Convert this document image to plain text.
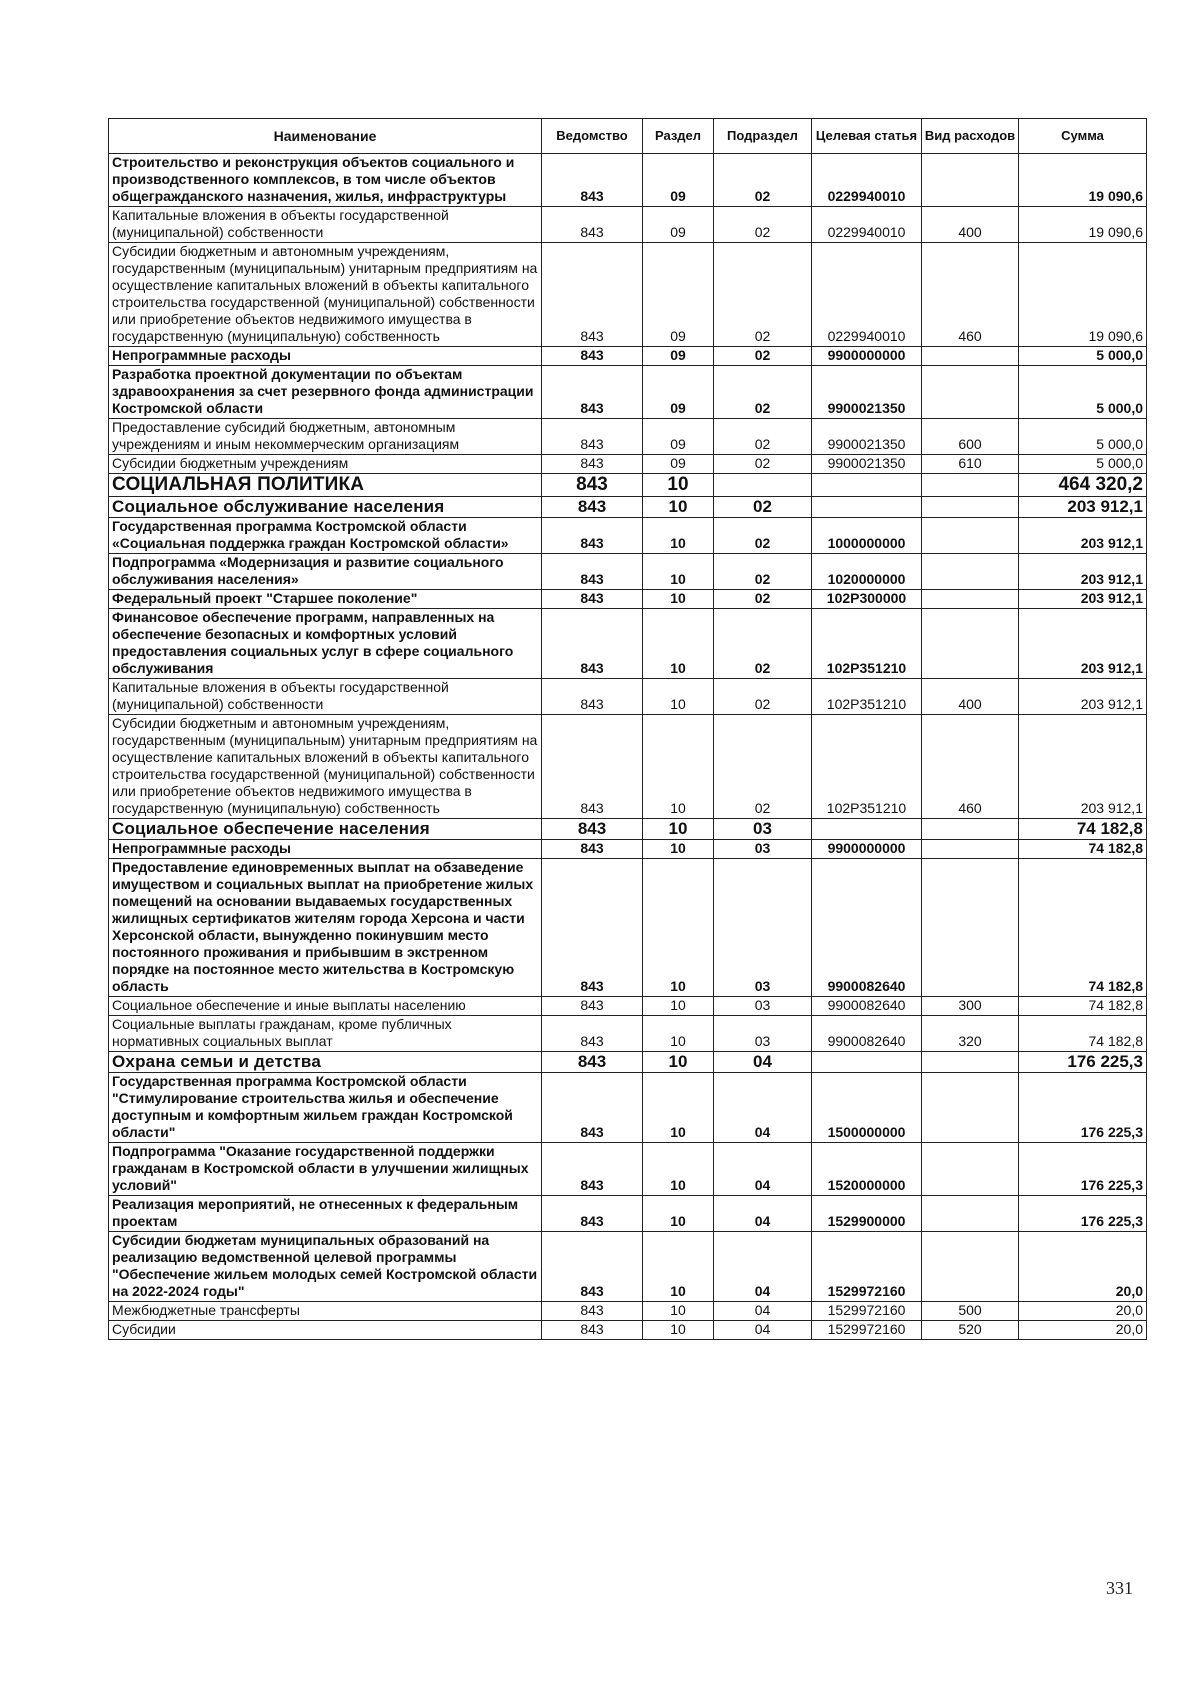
Наименование	Ведомство	Раздел	Подраздел	Целевая статья	Вид расходов	Сумма
Строительство и реконструкция объектов социального и производственного комплексов, в том числе объектов общегражданского назначения, жилья, инфраструктуры	843	09	02	0229940010		19 090,6
Капитальные вложения в объекты государственной (муниципальной) собственности	843	09	02	0229940010	400	19 090,6
Субсидии бюджетным и автономным учреждениям, государственным (муниципальным) унитарным предприятиям на осуществление капитальных вложений в объекты капитального строительства государственной (муниципальной) собственности или приобретение объектов недвижимого имущества в государственную (муниципальную) собственность	843	09	02	0229940010	460	19 090,6
Непрограммные расходы	843	09	02	9900000000		5 000,0
Разработка проектной документации по объектам здравоохранения за счет резервного фонда администрации Костромской области	843	09	02	9900021350		5 000,0
Предоставление субсидий бюджетным, автономным учреждениям и иным некоммерческим организациям	843	09	02	9900021350	600	5 000,0
Субсидии бюджетным учреждениям	843	09	02	9900021350	610	5 000,0
СОЦИАЛЬНАЯ ПОЛИТИКА	843	10				464 320,2
Социальное обслуживание населения	843	10	02			203 912,1
Государственная программа Костромской области «Социальная поддержка граждан Костромской области»	843	10	02	1000000000		203 912,1
Подпрограмма «Модернизация и развитие социального обслуживания населения»	843	10	02	1020000000		203 912,1
Федеральный проект "Старшее поколение"	843	10	02	102P300000		203 912,1
Финансовое обеспечение программ, направленных на обеспечение безопасных и комфортных условий предоставления социальных услуг в сфере социального обслуживания	843	10	02	102P351210		203 912,1
Капитальные вложения в объекты государственной (муниципальной) собственности	843	10	02	102P351210	400	203 912,1
Субсидии бюджетным и автономным учреждениям, государственным (муниципальным) унитарным предприятиям на осуществление капитальных вложений в объекты капитального строительства государственной (муниципальной) собственности или приобретение объектов недвижимого имущества в государственную (муниципальную) собственность	843	10	02	102P351210	460	203 912,1
Социальное обеспечение населения	843	10	03			74 182,8
Непрограммные расходы	843	10	03	9900000000		74 182,8
Предоставление единовременных выплат на обзаведение имуществом и социальных выплат на приобретение жилых помещений на основании выдаваемых государственных жилищных сертификатов жителям города Херсона и части Херсонской области, вынужденно покинувшим место постоянного проживания и прибывшим в экстренном порядке на постоянное место жительства в Костромскую область	843	10	03	9900082640		74 182,8
Социальное обеспечение и иные выплаты населению	843	10	03	9900082640	300	74 182,8
Социальные выплаты гражданам, кроме публичных нормативных социальных выплат	843	10	03	9900082640	320	74 182,8
Охрана семьи и детства	843	10	04			176 225,3
Государственная программа Костромской области "Стимулирование строительства жилья и обеспечение доступным и комфортным жильем граждан Костромской области"	843	10	04	1500000000		176 225,3
Подпрограмма "Оказание государственной поддержки гражданам в Костромской области в улучшении жилищных условий"	843	10	04	1520000000		176 225,3
Реализация мероприятий, не отнесенных к федеральным проектам	843	10	04	1529900000		176 225,3
Субсидии бюджетам муниципальных образований на реализацию ведомственной целевой программы "Обеспечение жильем молодых семей Костромской области на 2022-2024 годы"	843	10	04	1529972160		20,0
Межбюджетные трансферты	843	10	04	1529972160	500	20,0
Субсидии	843	10	04	1529972160	520	20,0
331
